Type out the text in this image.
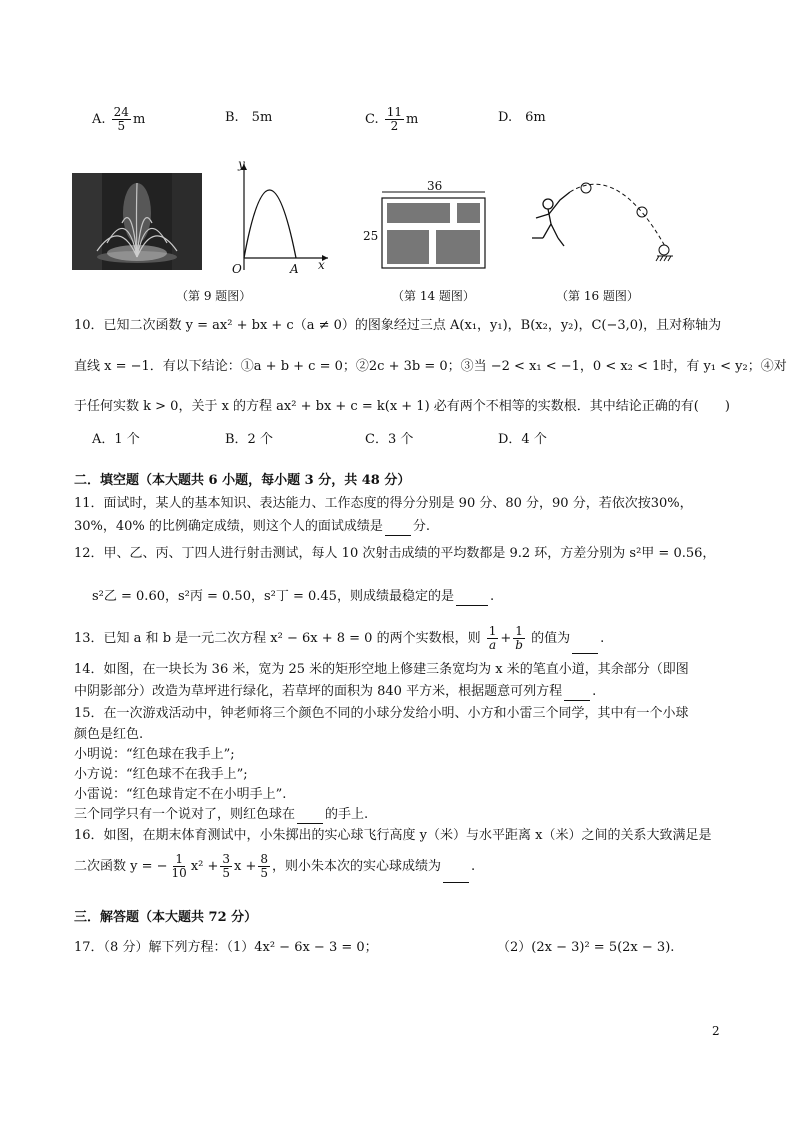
A. $\frac{24}{5}$ m	B.　5m	C. $\frac{11}{2}$ m	D.　6m
y
x
O	A
36
25
（第 9 题图）	（第 14 题图）	（第 16 题图）
10．已知二次函数 y = ax² + bx + c（a ≠ 0）的图象经过三点 A(x₁，y₁)，B(x₂，y₂)，C(−3,0)，且对称轴为
直线 x = −1．有以下结论：①a + b + c = 0；②2c + 3b = 0；③当 −2 < x₁ < −1，0 < x₂ < 1时，有 y₁ < y₂；④对
于任何实数 k > 0，关于 x 的方程 ax² + bx + c = k(x + 1) 必有两个不相等的实数根．其中结论正确的有(　　)
A．1 个	B．2 个	C．3 个	D．4 个
二．填空题（本大题共 6 小题，每小题 3 分，共 48 分）
11．面试时，某人的基本知识、表达能力、工作态度的得分分别是 90 分、80 分，90 分，若依次按30%，
30%，40% 的比例确定成绩，则这个人的面试成绩是 分.
12．甲、乙、丙、丁四人进行射击测试，每人 10 次射击成绩的平均数都是 9.2 环，方差分别为 s²甲 = 0.56，
s²乙 = 0.60，s²丙 = 0.50，s²丁 = 0.45，则成绩最稳定的是	.
13．已知 a 和 b 是一元二次方程 x² − 6x + 8 = 0 的两个实数根，则 $\frac{1}{a} + \frac{1}{b}$ 的值为 .
14．如图，在一块长为 36 米，宽为 25 米的矩形空地上修建三条宽均为 x 米的笔直小道，其余部分（即图
中阴影部分）改造为草坪进行绿化，若草坪的面积为 840 平方米，根据题意可列方程 .
15．在一次游戏活动中，钟老师将三个颜色不同的小球分发给小明、小方和小雷三个同学，其中有一个小球
颜色是红色.
小明说：“红色球在我手上”;
小方说：“红色球不在我手上”;
小雷说：“红色球肯定不在小明手上”.
三个同学只有一个说对了，则红色球在 的手上.
16．如图，在期末体育测试中，小朱掷出的实心球飞行高度 y（米）与水平距离 x（米）之间的关系大致满足是
二次函数 y = − $\frac{1}{10} x^2 + \frac{3}{5}$ $x + \frac{8}{5}$ ，则小朱本次的实心球成绩为 .
三．解答题（本大题共 72 分）
17．（8 分）解下列方程：（1）4x² − 6x − 3 = 0；	（2）(2x − 3)² = 5(2x − 3).
2
